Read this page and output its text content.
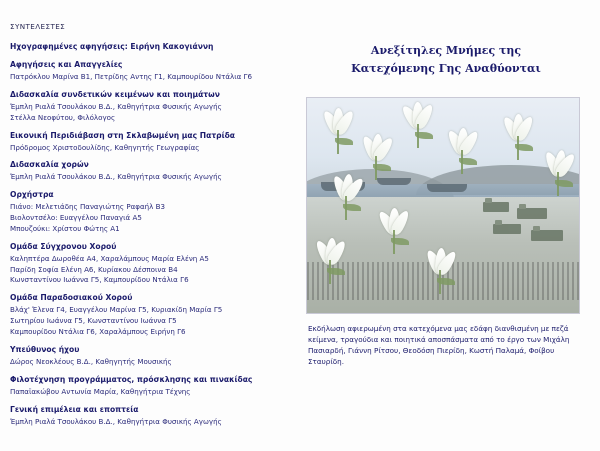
ΣΥΝΤΕΛΕΣΤΕΣ
Ηχογραφημένες αφηγήσεις: Ειρήνη Κακογιάννη
Αφηγήσεις και Απαγγελίες
Πατρόκλου Μαρίνα Β1, Πετρίδης Αντης Γ1, Καμπουρίδου Ντάλια Γ6
Διδασκαλία συνδετικών κειμένων και ποιημάτων
Έμπλη Ριαλά Τσουλάκου Β.Δ., Καθηγήτρια Φυσικής Αγωγής
Στέλλα Νεοφύτου, Φιλόλογος
Εικονική Περιδιάβαση στη Σκλαβωμένη μας Πατρίδα
Πρόδρομος Χριστοδουλίδης, Καθηγητής Γεωγραφίας
Διδασκαλία χορών
Έμπλη Ριαλά Τσουλάκου Β.Δ., Καθηγήτρια Φυσικής Αγωγής
Ορχήστρα
Πιάνο: Μελετιάδης Παναγιώτης Ραφαήλ Β3
Βιολοντσέλο: Ευαγγέλου Παναγιά Α5
Μπουζούκι: Χρίστου Φώτης Α1
Ομάδα Σύγχρονου Χορού
Καληπτέρα Δωροθέα Α4, Χαραλάμπους Μαρία Ελένη Α5
Παρίδη Σοφία Ελένη Α6, Κυρίακου Δέσποινα Β4
Κωνσταντίνου Ιωάννα Γ5, Καμπουρίδου Ντάλια Γ6
Ομάδα Παραδοσιακού Χορού
Βλάχ' Έλενα Γ4, Ευαγγέλου Μαρίνα Γ5, Κυριακίδη Μαρία Γ5
Σωτηρίου Ιωάννα Γ5, Κωνσταντίνου Ιωάννα Γ5
Καμπουρίδου Ντάλια Γ6, Χαραλάμπους Ειρήνη Γ6
Υπεύθυνος ήχου
Δώρος Νεοκλέους Β.Δ., Καθηγητής Μουσικής
Φιλοτέχνηση προγράμματος, πρόσκλησης και πινακίδας
Παπαϊακώβου Αντωνία Μαρία, Καθηγήτρια Τέχνης
Γενική επιμέλεια και εποπτεία
Έμπλη Ριαλά Τσουλάκου Β.Δ., Καθηγήτρια Φυσικής Αγωγής
Ανεξίτηλες Μνήμες της
Κατεχόμενης Γης Αναθύονται
Εκδήλωση αφιερωμένη στα κατεχόμενα μας εδάφη διανθισμένη με πεζά κείμενα, τραγούδια και ποιητικά αποσπάσματα από το έργο των Μιχάλη Πασιαρδή, Γιάννη Ρίτσου, Θεοδόση Πιερίδη, Κωστή Παλαμά, Φοίβου Σταυρίδη.
